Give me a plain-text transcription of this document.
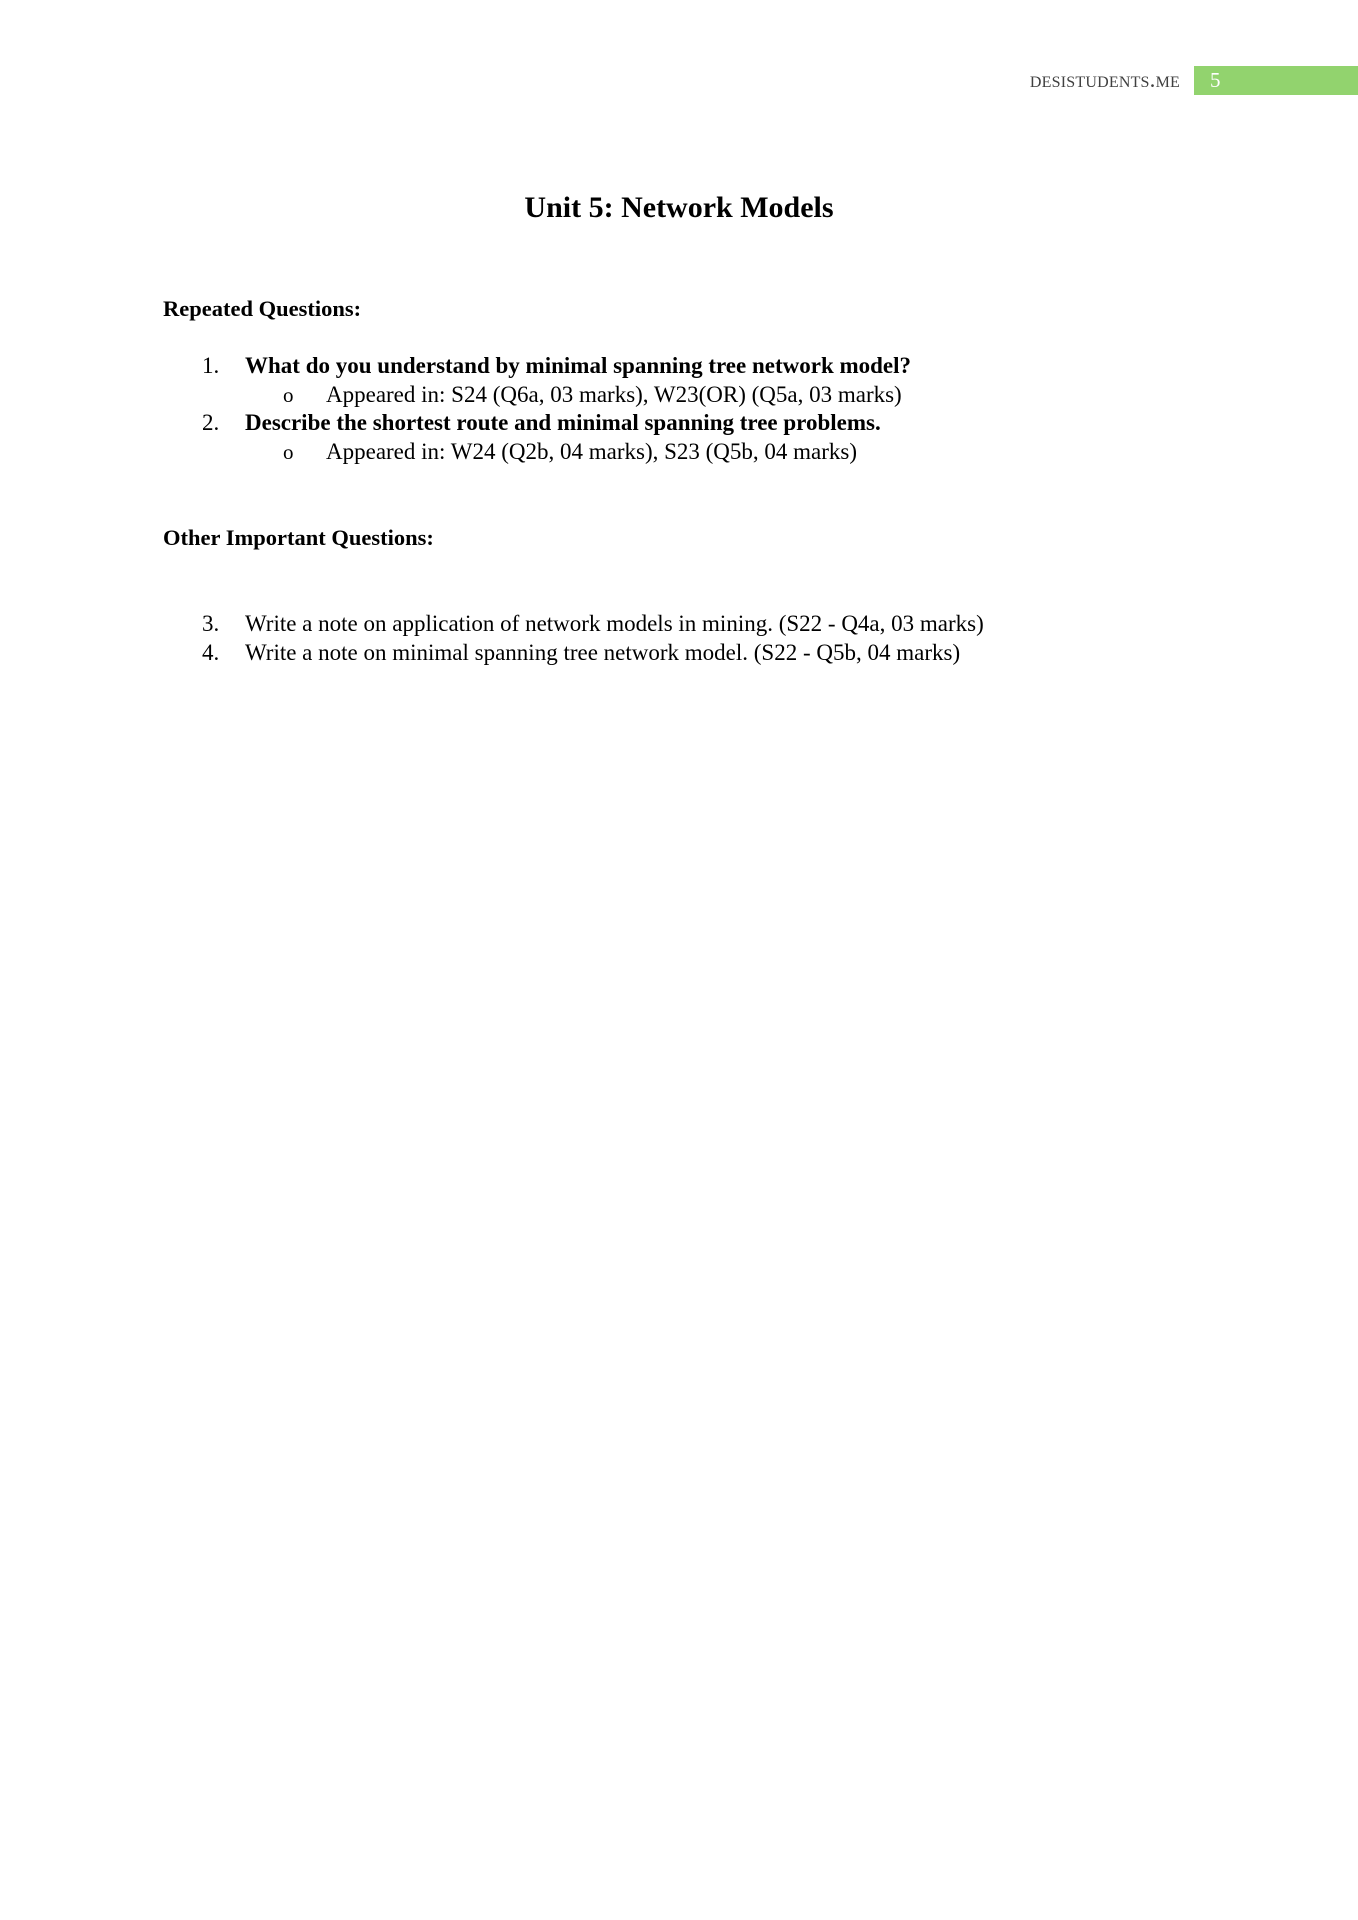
desistudents.me	5
Unit 5: Network Models
Repeated Questions:
1. What do you understand by minimal spanning tree network model?
o Appeared in: S24 (Q6a, 03 marks), W23(OR) (Q5a, 03 marks)
2. Describe the shortest route and minimal spanning tree problems.
o Appeared in: W24 (Q2b, 04 marks), S23 (Q5b, 04 marks)
Other Important Questions:
3. Write a note on application of network models in mining. (S22 - Q4a, 03 marks)
4. Write a note on minimal spanning tree network model. (S22 - Q5b, 04 marks)
